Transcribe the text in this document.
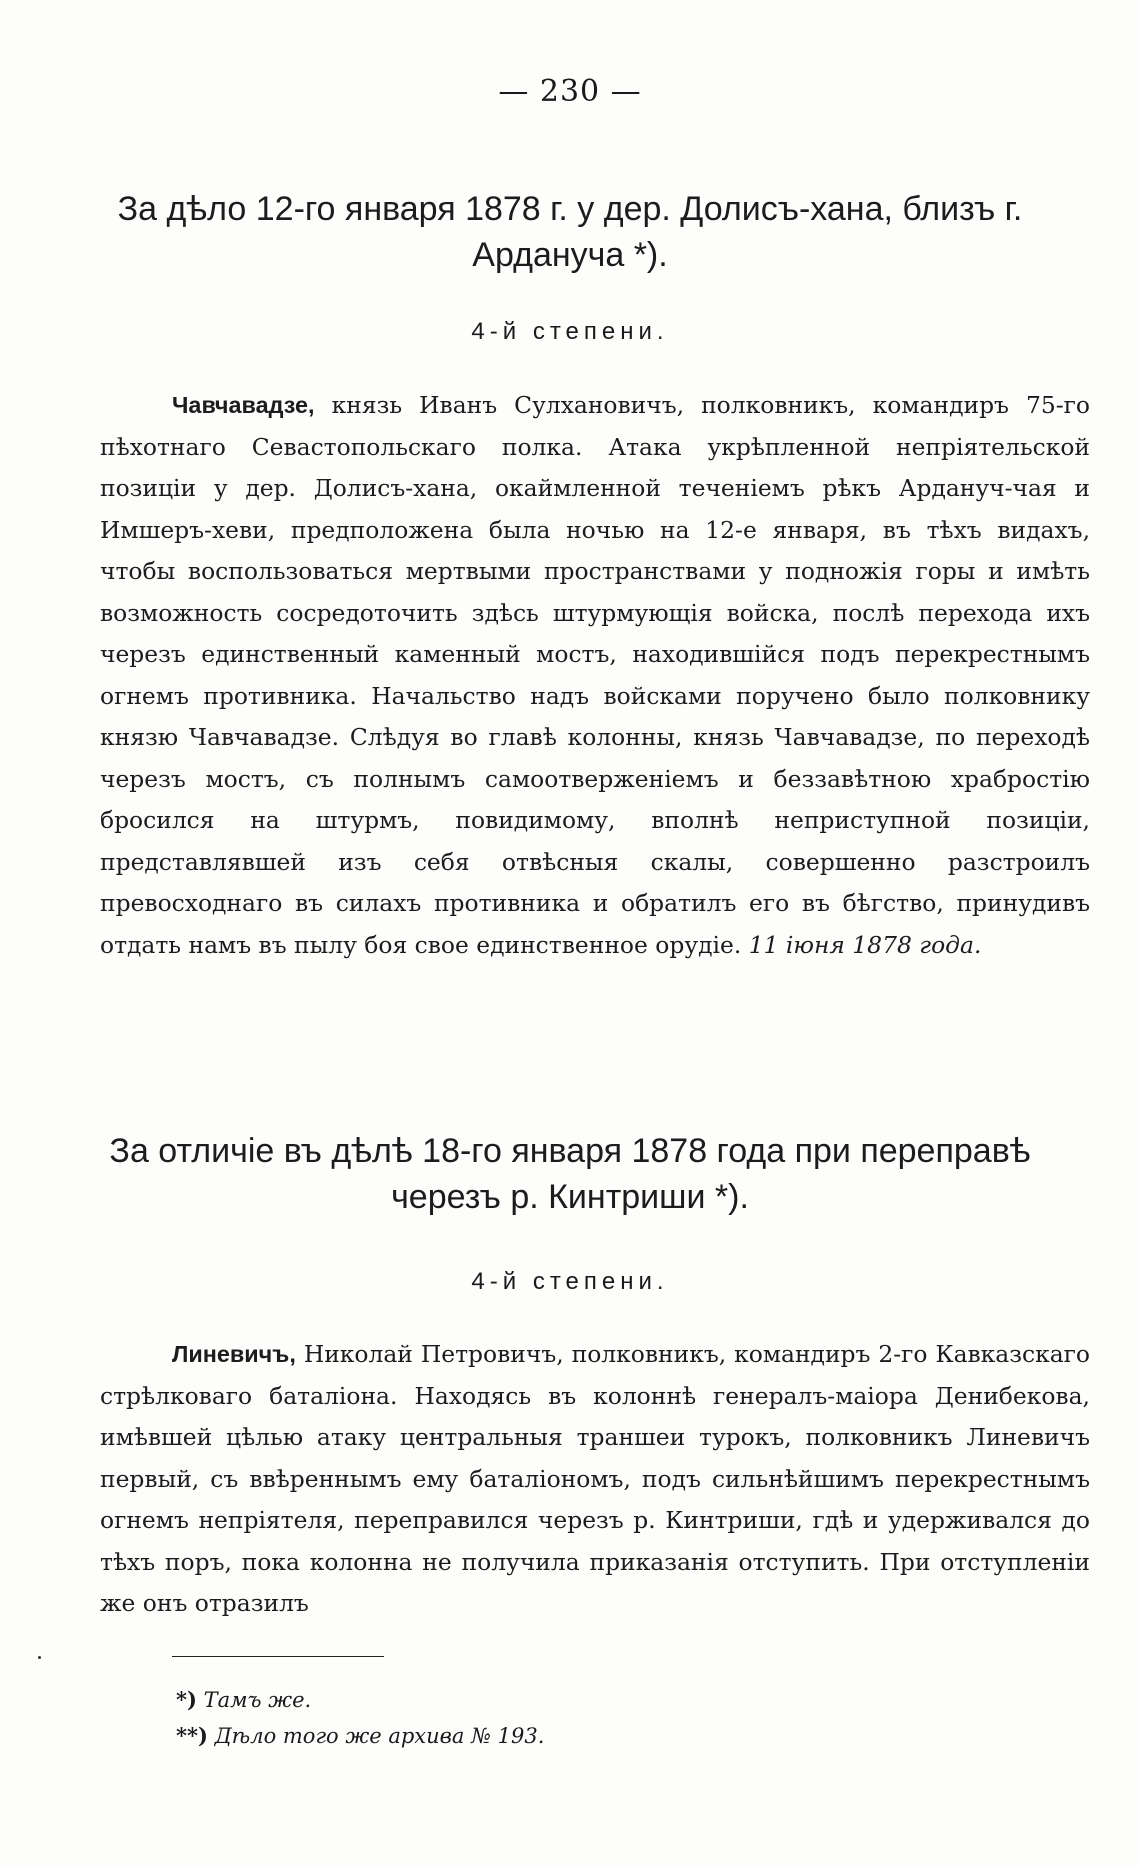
— 230 —
За дѣло 12-го января 1878 г. у дер. Долисъ-хана, близъ г. Ардануча *).
4-й степени.

Чавчавадзе, князь Иванъ Сулхановичъ, полковникъ, командиръ 75-го пѣхотнаго Севастопольскаго полка. Атака укрѣпленной непріятельской позиціи у дер. Долисъ-хана, окаймленной теченіемъ рѣкъ Ардануч-чая и Имшеръ-хеви, предположена была ночью на 12-е января, въ тѣхъ видахъ, чтобы воспользоваться мертвыми пространствами у подножія горы и имѣть возможность сосредоточить здѣсь штурмующія войска, послѣ перехода ихъ черезъ единственный каменный мостъ, находившійся подъ перекрестнымъ огнемъ противника. Начальство надъ войсками поручено было полковнику князю Чавчавадзе. Слѣдуя во главѣ колонны, князь Чавчавадзе, по переходѣ черезъ мостъ, съ полнымъ самоотверженіемъ и беззавѣтною храбростію бросился на штурмъ, повидимому, вполнѣ неприступной позиціи, представлявшей изъ себя отвѣсныя скалы, совершенно разстроилъ превосходнаго въ силахъ противника и обратилъ его въ бѣгство, принудивъ отдать намъ въ пылу боя свое единственное орудіе. 11 іюня 1878 года.

За отличіе въ дѣлѣ 18-го января 1878 года при переправѣ черезъ р. Кинтриши *).
4-й степени.

Линевичъ, Николай Петровичъ, полковникъ, командиръ 2-го Кавказскаго стрѣлковаго баталіона. Находясь въ колоннѣ генералъ-маіора Денибекова, имѣвшей цѣлью атаку центральныя траншеи турокъ, полковникъ Линевичъ первый, съ ввѣреннымъ ему баталіономъ, подъ сильнѣйшимъ перекрестнымъ огнемъ непріятеля, переправился черезъ р. Кинтриши, гдѣ и удерживался до тѣхъ поръ, пока колонна не получила приказанія отступить. При отступленіи же онъ отразилъ

*) Тамъ же.
**) Дѣло того же архива № 193.
